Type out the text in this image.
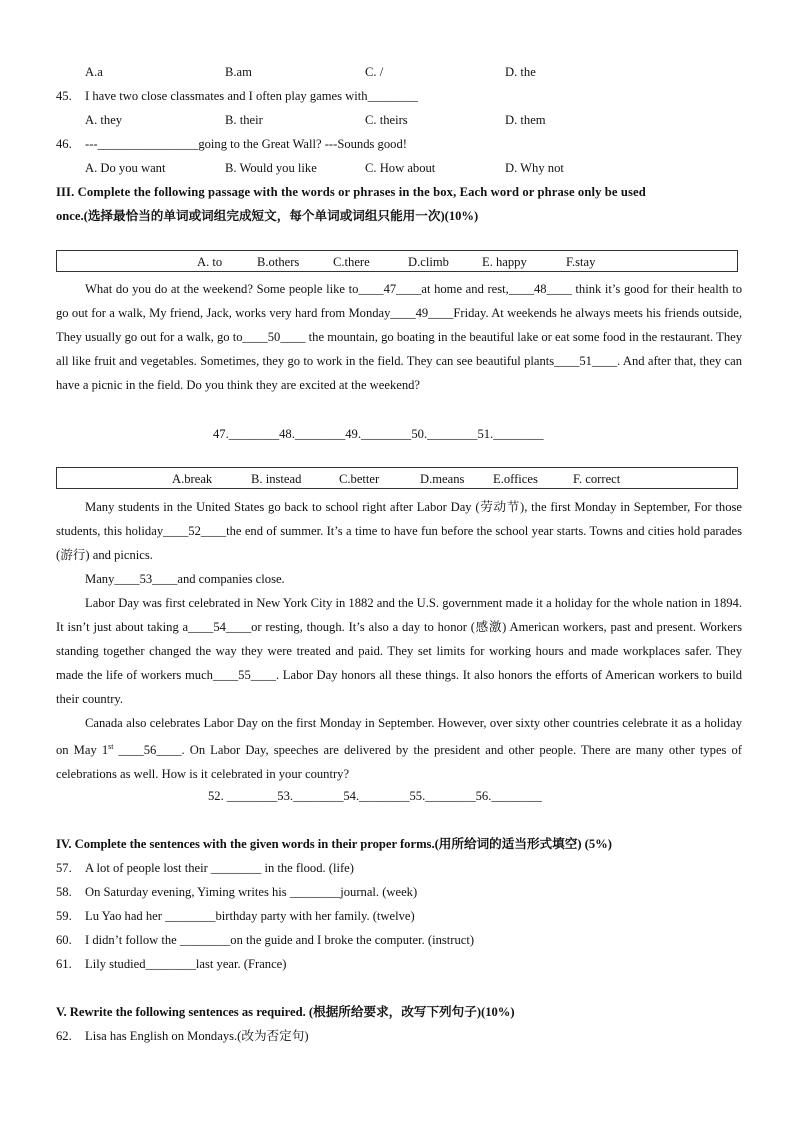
A.a	B.am	C. /	D. the
45. I have two close classmates and I often play games with________
A. they	B. their	C. theirs	D. them
46. ---________________going to the Great Wall? ---Sounds good!
A. Do you want	B. Would you like	C. How about	D. Why not
III. Complete the following passage with the words or phrases in the box, Each word or phrase only be used
once.(选择最恰当的单词或词组完成短文，每个单词或词组只能用一次)(10%)
A. to	B.others	C.there	D.climb	E. happy	F.stay
What do you do at the weekend? Some people like to____47____at home and rest,____48____ think it’s good for their health to go out for a walk, My friend, Jack, works very hard from Monday____49____Friday. At weekends he always meets his friends outside, They usually go out for a walk, go to____50____ the mountain, go boating in the beautiful lake or eat some food in the restaurant. They all like fruit and vegetables. Sometimes, they go to work in the field. They can see beautiful plants____51____. And after that, they can have a picnic in the field. Do you think they are excited at the weekend?
47.________48.________49.________50.________51.________
A.break	B. instead	C.better	D.means E.offices	F. correct
Many students in the United States go back to school right after Labor Day (劳动节), the first Monday in September, For those students, this holiday____52____the end of summer. It’s a time to have fun before the school year starts. Towns and cities hold parades (游行) and picnics.
Many____53____and companies close.
Labor Day was first celebrated in New York City in 1882 and the U.S. government made it a holiday for the whole nation in 1894. It isn’t just about taking a____54____or resting, though. It’s also a day to honor (感激) American workers, past and present. Workers standing together changed the way they were treated and paid. They set limits for working hours and made workplaces safer. They made the life of workers much____55____. Labor Day honors all these things. It also honors the efforts of American workers to build their country.
Canada also celebrates Labor Day on the first Monday in September. However, over sixty other countries celebrate it as a holiday on May 1st ____56____. On Labor Day, speeches are delivered by the president and other people. There are many other types of celebrations as well. How is it celebrated in your country?
52. ________53.________54.________55.________56.________
IV. Complete the sentences with the given words in their proper forms.(用所给词的适当形式填空) (5%)
57. A lot of people lost their ________ in the flood. (life)
58. On Saturday evening, Yiming writes his ________journal. (week)
59. Lu Yao had her ________birthday party with her family. (twelve)
60. I didn’t follow the ________on the guide and I broke the computer. (instruct)
61. Lily studied________last year. (France)
V. Rewrite the following sentences as required. (根据所给要求，改写下列句子)(10%)
62. Lisa has English on Mondays.(改为否定句)
